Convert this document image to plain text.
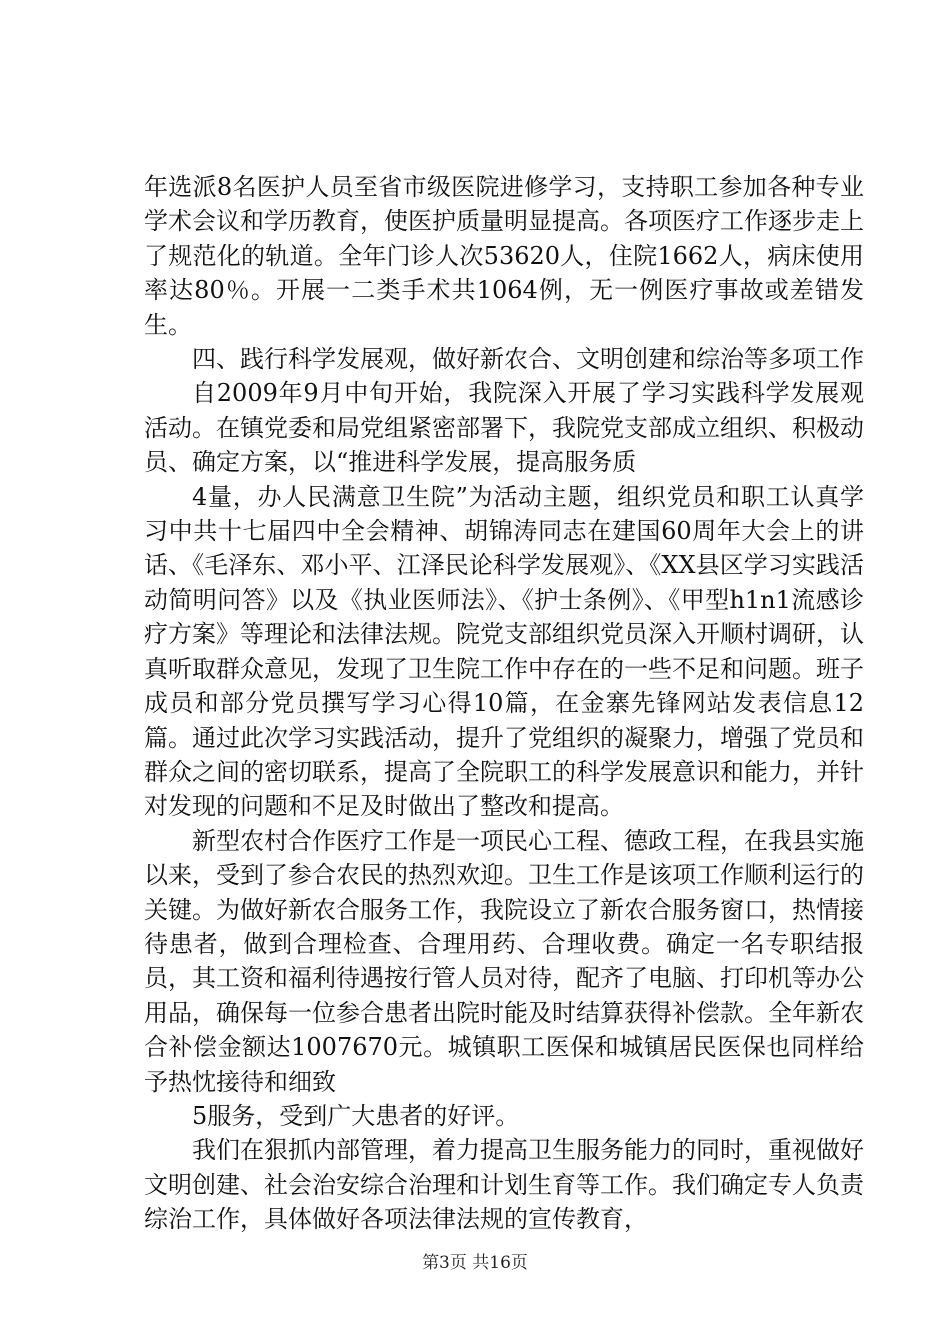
年选派8名医护人员至省市级医院进修学习，支持职工参加各种专业学术会议和学历教育，使医护质量明显提高。各项医疗工作逐步走上了规范化的轨道。全年门诊人次53620人，住院1662人，病床使用率达80％。开展一二类手术共1064例，无一例医疗事故或差错发生。

四、践行科学发展观，做好新农合、文明创建和综治等多项工作

自2009年9月中旬开始，我院深入开展了学习实践科学发展观活动。在镇党委和局党组紧密部署下，我院党支部成立组织、积极动员、确定方案，以“推进科学发展，提高服务质

4量，办人民满意卫生院”为活动主题，组织党员和职工认真学习中共十七届四中全会精神、胡锦涛同志在建国60周年大会上的讲话、《毛泽东、邓小平、江泽民论科学发展观》、《XX县区学习实践活动简明问答》以及《执业医师法》、《护士条例》、《甲型h1n1流感诊疗方案》等理论和法律法规。院党支部组织党员深入开顺村调研，认真听取群众意见，发现了卫生院工作中存在的一些不足和问题。班子成员和部分党员撰写学习心得10篇，在金寨先锋网站发表信息12篇。通过此次学习实践活动，提升了党组织的凝聚力，增强了党员和群众之间的密切联系，提高了全院职工的科学发展意识和能力，并针对发现的问题和不足及时做出了整改和提高。

新型农村合作医疗工作是一项民心工程、德政工程，在我县实施以来，受到了参合农民的热烈欢迎。卫生工作是该项工作顺利运行的关键。为做好新农合服务工作，我院设立了新农合服务窗口，热情接待患者，做到合理检查、合理用药、合理收费。确定一名专职结报员，其工资和福利待遇按行管人员对待，配齐了电脑、打印机等办公用品，确保每一位参合患者出院时能及时结算获得补偿款。全年新农合补偿金额达1007670元。城镇职工医保和城镇居民医保也同样给予热忱接待和细致

5服务，受到广大患者的好评。

我们在狠抓内部管理，着力提高卫生服务能力的同时，重视做好文明创建、社会治安综合治理和计划生育等工作。我们确定专人负责综治工作，具体做好各项法律法规的宣传教育，

第3页 共16页
